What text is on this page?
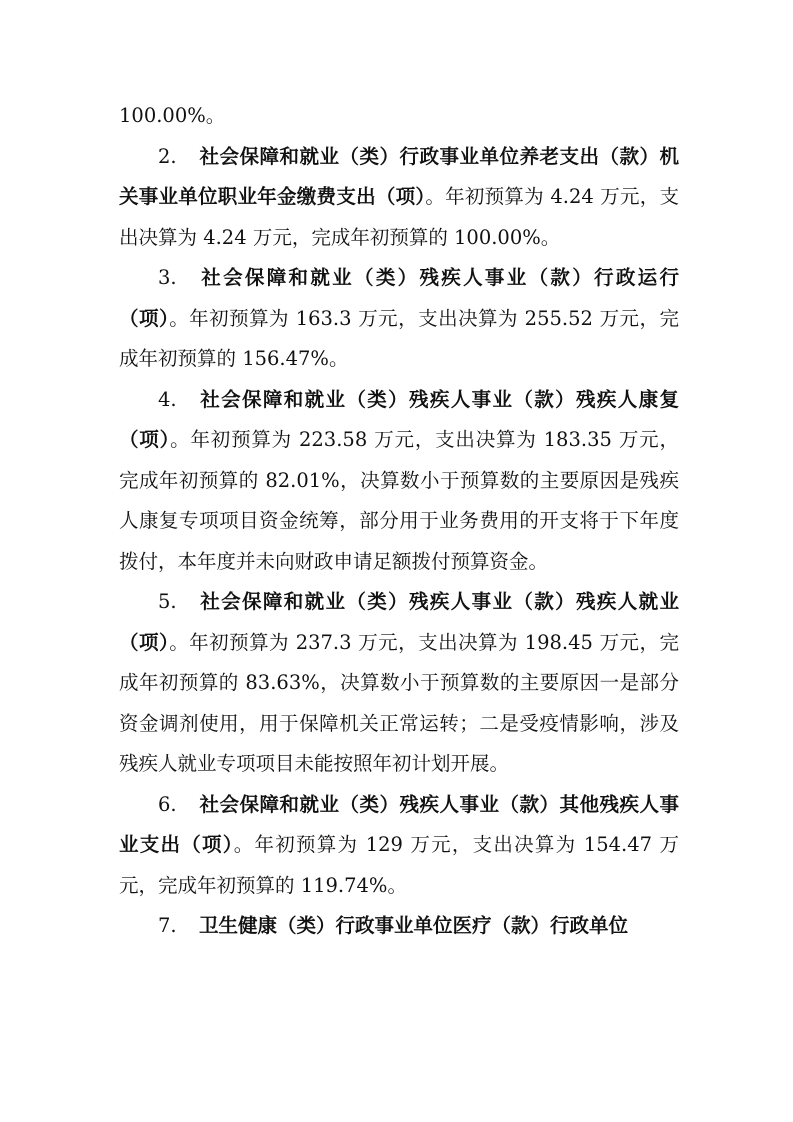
100.00%。

2. 社会保障和就业（类）行政事业单位养老支出（款）机关事业单位职业年金缴费支出（项）。年初预算为 4.24 万元，支出决算为 4.24 万元，完成年初预算的 100.00%。

3. 社会保障和就业（类）残疾人事业（款）行政运行（项）。年初预算为 163.3 万元，支出决算为 255.52 万元，完成年初预算的 156.47%。

4. 社会保障和就业（类）残疾人事业（款）残疾人康复（项）。年初预算为 223.58 万元，支出决算为 183.35 万元，完成年初预算的 82.01%，决算数小于预算数的主要原因是残疾人康复专项项目资金统筹，部分用于业务费用的开支将于下年度拨付，本年度并未向财政申请足额拨付预算资金。

5. 社会保障和就业（类）残疾人事业（款）残疾人就业（项）。年初预算为 237.3 万元，支出决算为 198.45 万元，完成年初预算的 83.63%，决算数小于预算数的主要原因一是部分资金调剂使用，用于保障机关正常运转；二是受疫情影响，涉及残疾人就业专项项目未能按照年初计划开展。

6. 社会保障和就业（类）残疾人事业（款）其他残疾人事业支出（项）。年初预算为 129 万元，支出决算为 154.47 万元，完成年初预算的 119.74%。

7. 卫生健康（类）行政事业单位医疗（款）行政单位
